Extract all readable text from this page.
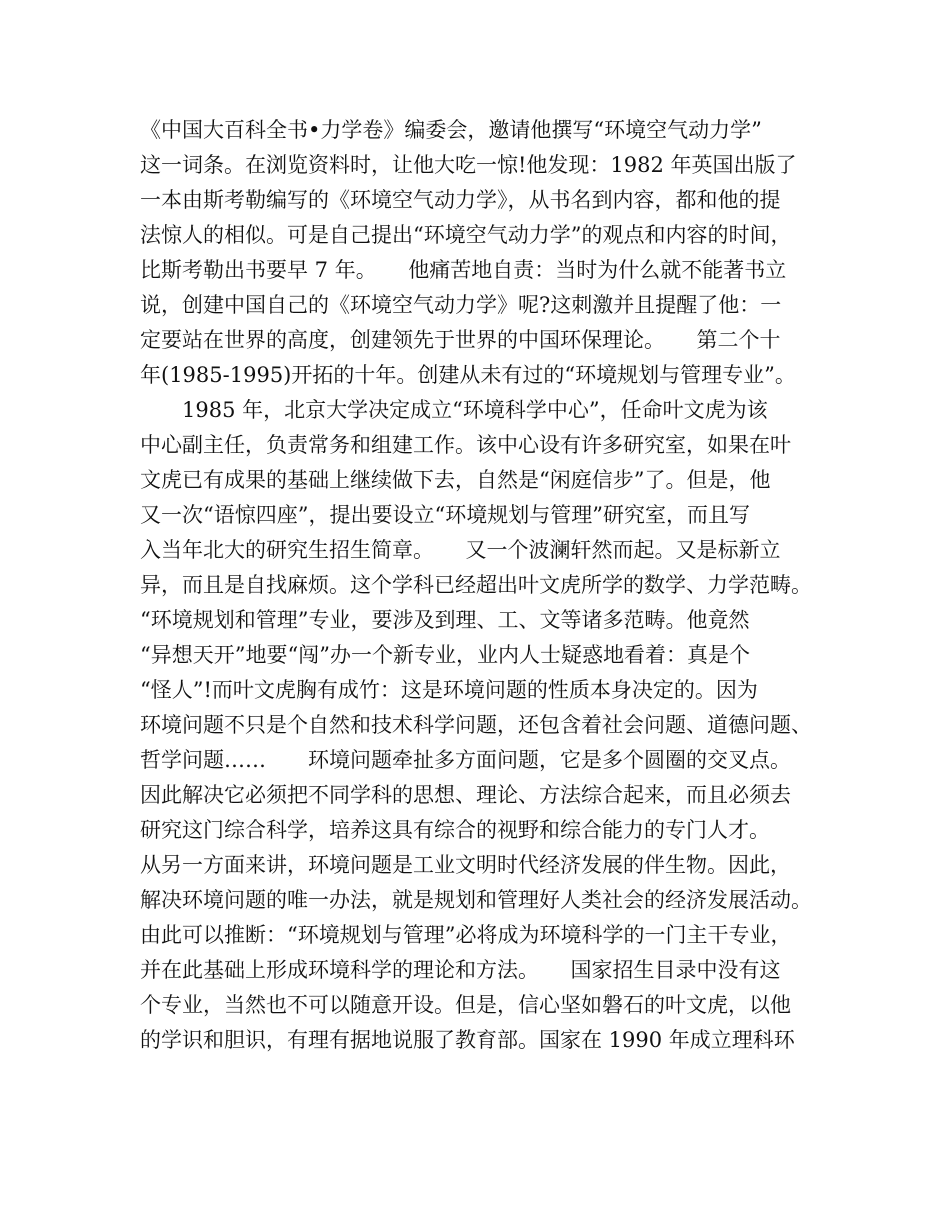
《中国大百科全书•力学卷》编委会，邀请他撰写“环境空气动力学”
这一词条。在浏览资料时，让他大吃一惊!他发现：1982 年英国出版了
一本由斯考勒编写的《环境空气动力学》，从书名到内容，都和他的提
法惊人的相似。可是自己提出“环境空气动力学”的观点和内容的时间，
比斯考勒出书要早 7 年。　　他痛苦地自责：当时为什么就不能著书立
说，创建中国自己的《环境空气动力学》呢?这刺激并且提醒了他：一
定要站在世界的高度，创建领先于世界的中国环保理论。　　第二个十
年(1985-1995)开拓的十年。创建从未有过的“环境规划与管理专业”。
　　1985 年，北京大学决定成立“环境科学中心”，任命叶文虎为该
中心副主任，负责常务和组建工作。该中心设有许多研究室，如果在叶
文虎已有成果的基础上继续做下去，自然是“闲庭信步”了。但是，他
又一次“语惊四座”，提出要设立“环境规划与管理”研究室，而且写
入当年北大的研究生招生简章。　　又一个波澜轩然而起。又是标新立
异，而且是自找麻烦。这个学科已经超出叶文虎所学的数学、力学范畴。
“环境规划和管理”专业，要涉及到理、工、文等诸多范畴。他竟然
“异想天开”地要“闯”办一个新专业，业内人士疑惑地看着：真是个
“怪人”!而叶文虎胸有成竹：这是环境问题的性质本身决定的。因为
环境问题不只是个自然和技术科学问题，还包含着社会问题、道德问题、
哲学问题……　　环境问题牵扯多方面问题，它是多个圆圈的交叉点。
因此解决它必须把不同学科的思想、理论、方法综合起来，而且必须去
研究这门综合科学，培养这具有综合的视野和综合能力的专门人才。
从另一方面来讲，环境问题是工业文明时代经济发展的伴生物。因此，
解决环境问题的唯一办法，就是规划和管理好人类社会的经济发展活动。
由此可以推断：“环境规划与管理”必将成为环境科学的一门主干专业，
并在此基础上形成环境科学的理论和方法。　　国家招生目录中没有这
个专业，当然也不可以随意开设。但是，信心坚如磐石的叶文虎，以他
的学识和胆识，有理有据地说服了教育部。国家在 1990 年成立理科环
